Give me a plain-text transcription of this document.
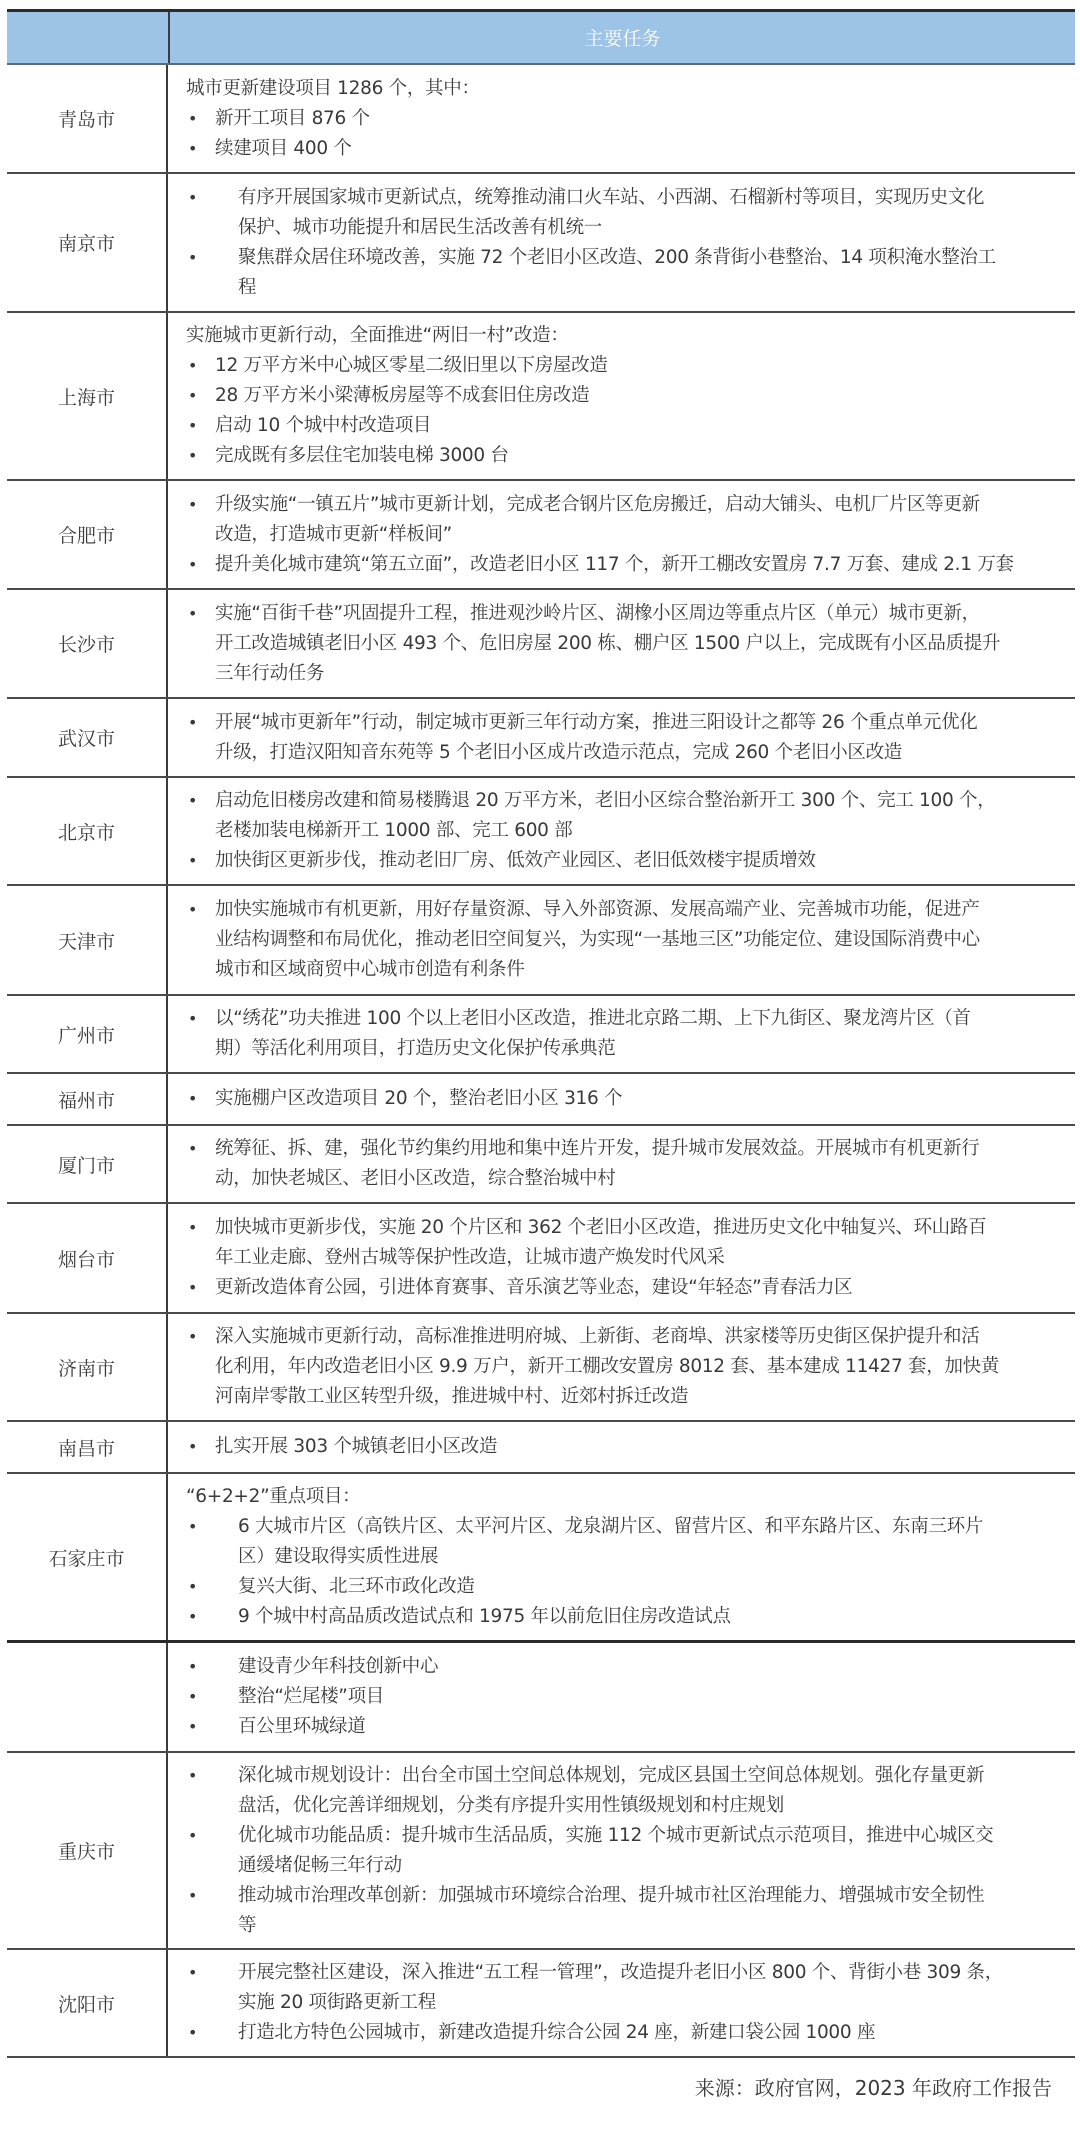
主要任务
青岛市
城市更新建设项目 1286 个，其中：
• 新开工项目 876 个
• 续建项目 400 个
南京市
• 有序开展国家城市更新试点，统筹推动浦口火车站、小西湖、石榴新村等项目，实现历史文化
保护、城市功能提升和居民生活改善有机统一
• 聚焦群众居住环境改善，实施 72 个老旧小区改造、200 条背街小巷整治、14 项积淹水整治工
程
上海市
实施城市更新行动，全面推进“两旧一村”改造：
• 12 万平方米中心城区零星二级旧里以下房屋改造
• 28 万平方米小梁薄板房屋等不成套旧住房改造
• 启动 10 个城中村改造项目
• 完成既有多层住宅加装电梯 3000 台
合肥市
• 升级实施“一镇五片”城市更新计划，完成老合钢片区危房搬迁，启动大铺头、电机厂片区等更新
改造，打造城市更新“样板间”
• 提升美化城市建筑“第五立面”，改造老旧小区 117 个，新开工棚改安置房 7.7 万套、建成 2.1 万套
长沙市
• 实施“百街千巷”巩固提升工程，推进观沙岭片区、湖橡小区周边等重点片区（单元）城市更新，
开工改造城镇老旧小区 493 个、危旧房屋 200 栋、棚户区 1500 户以上，完成既有小区品质提升
三年行动任务
武汉市
• 开展“城市更新年”行动，制定城市更新三年行动方案，推进三阳设计之都等 26 个重点单元优化
升级，打造汉阳知音东苑等 5 个老旧小区成片改造示范点，完成 260 个老旧小区改造
北京市
• 启动危旧楼房改建和简易楼腾退 20 万平方米，老旧小区综合整治新开工 300 个、完工 100 个，
老楼加装电梯新开工 1000 部、完工 600 部
• 加快街区更新步伐，推动老旧厂房、低效产业园区、老旧低效楼宇提质增效
天津市
• 加快实施城市有机更新，用好存量资源、导入外部资源、发展高端产业、完善城市功能，促进产
业结构调整和布局优化，推动老旧空间复兴，为实现“一基地三区”功能定位、建设国际消费中心
城市和区域商贸中心城市创造有利条件
广州市
• 以“绣花”功夫推进 100 个以上老旧小区改造，推进北京路二期、上下九街区、聚龙湾片区（首
期）等活化利用项目，打造历史文化保护传承典范
福州市	• 实施棚户区改造项目 20 个，整治老旧小区 316 个
厦门市
• 统筹征、拆、建，强化节约集约用地和集中连片开发，提升城市发展效益。开展城市有机更新行
动，加快老城区、老旧小区改造，综合整治城中村
烟台市
• 加快城市更新步伐，实施 20 个片区和 362 个老旧小区改造，推进历史文化中轴复兴、环山路百
年工业走廊、登州古城等保护性改造，让城市遗产焕发时代风采
• 更新改造体育公园，引进体育赛事、音乐演艺等业态，建设“年轻态”青春活力区
济南市
• 深入实施城市更新行动，高标准推进明府城、上新街、老商埠、洪家楼等历史街区保护提升和活
化利用，年内改造老旧小区 9.9 万户，新开工棚改安置房 8012 套、基本建成 11427 套，加快黄
河南岸零散工业区转型升级，推进城中村、近郊村拆迁改造
南昌市	• 扎实开展 303 个城镇老旧小区改造
石家庄市
“6+2+2”重点项目：
• 6 大城市片区（高铁片区、太平河片区、龙泉湖片区、留营片区、和平东路片区、东南三环片
区）建设取得实质性进展
• 复兴大街、北三环市政化改造
• 9 个城中村高品质改造试点和 1975 年以前危旧住房改造试点
• 建设青少年科技创新中心
• 整治“烂尾楼”项目
• 百公里环城绿道
重庆市
• 深化城市规划设计：出台全市国土空间总体规划，完成区县国土空间总体规划。强化存量更新
盘活，优化完善详细规划，分类有序提升实用性镇级规划和村庄规划
• 优化城市功能品质：提升城市生活品质，实施 112 个城市更新试点示范项目，推进中心城区交
通缓堵促畅三年行动
• 推动城市治理改革创新：加强城市环境综合治理、提升城市社区治理能力、增强城市安全韧性
等
沈阳市
• 开展完整社区建设，深入推进“五工程一管理”，改造提升老旧小区 800 个、背街小巷 309 条，
实施 20 项街路更新工程
• 打造北方特色公园城市，新建改造提升综合公园 24 座，新建口袋公园 1000 座
来源：政府官网，2023 年政府工作报告
